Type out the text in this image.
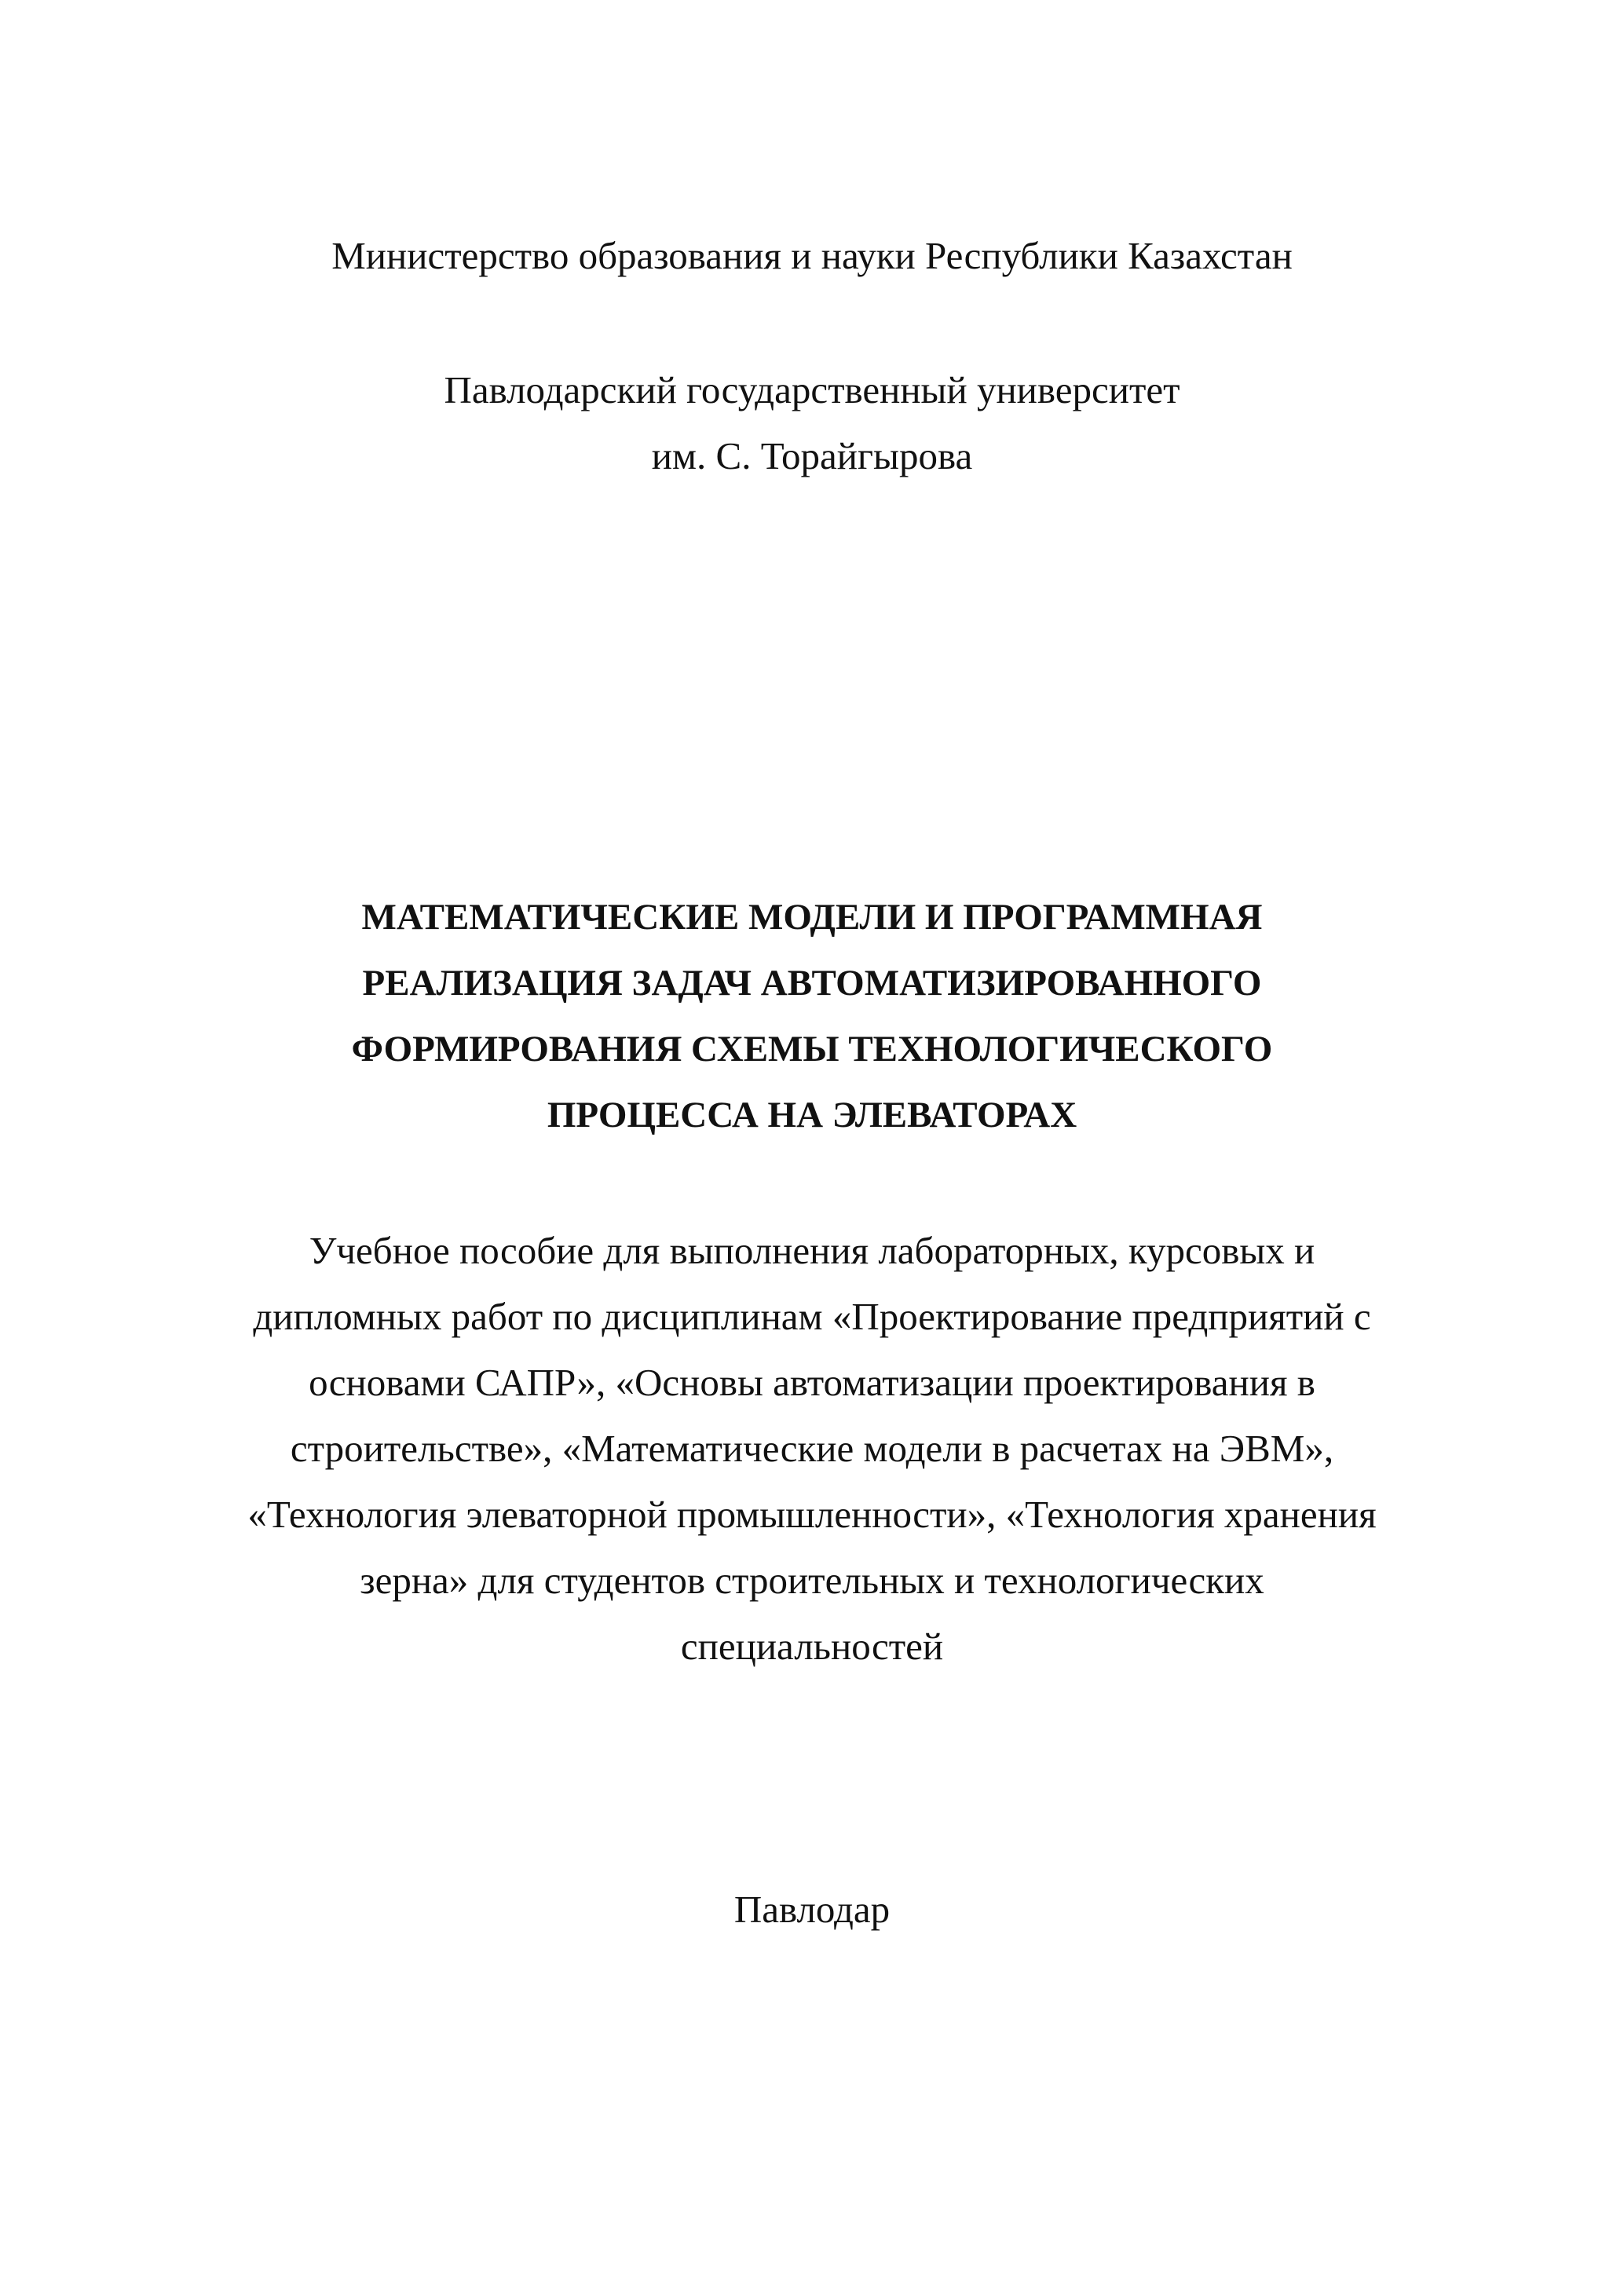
Министерство образования и науки Республики Казахстан
Павлодарский государственный университет
им. С. Торайгырова
МАТЕМАТИЧЕСКИЕ МОДЕЛИ И ПРОГРАММНАЯ
РЕАЛИЗАЦИЯ ЗАДАЧ АВТОМАТИЗИРОВАННОГО
ФОРМИРОВАНИЯ СХЕМЫ ТЕХНОЛОГИЧЕСКОГО
ПРОЦЕССА НА ЭЛЕВАТОРАХ
Учебное пособие для выполнения лабораторных, курсовых и
дипломных работ по дисциплинам «Проектирование предприятий с
основами САПР», «Основы автоматизации проектирования в
строительстве», «Математические модели в расчетах на ЭВМ»,
«Технология элеваторной промышленности», «Технология хранения
зерна» для студентов строительных и технологических
специальностей
Павлодар
